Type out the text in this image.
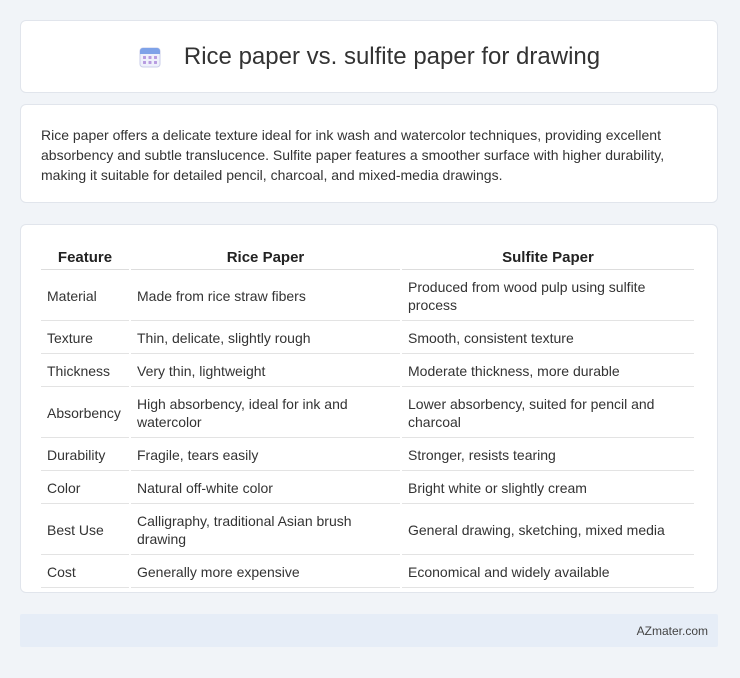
Rice paper vs. sulfite paper for drawing

Rice paper offers a delicate texture ideal for ink wash and watercolor techniques, providing excellent absorbency and subtle translucence. Sulfite paper features a smoother surface with higher durability, making it suitable for detailed pencil, charcoal, and mixed-media drawings.

Feature	Rice Paper	Sulfite Paper
Material	Made from rice straw fibers	Produced from wood pulp using sulfite process
Texture	Thin, delicate, slightly rough	Smooth, consistent texture
Thickness	Very thin, lightweight	Moderate thickness, more durable
Absorbency	High absorbency, ideal for ink and watercolor	Lower absorbency, suited for pencil and charcoal
Durability	Fragile, tears easily	Stronger, resists tearing
Color	Natural off-white color	Bright white or slightly cream
Best Use	Calligraphy, traditional Asian brush drawing	General drawing, sketching, mixed media
Cost	Generally more expensive	Economical and widely available
AZmater.com
